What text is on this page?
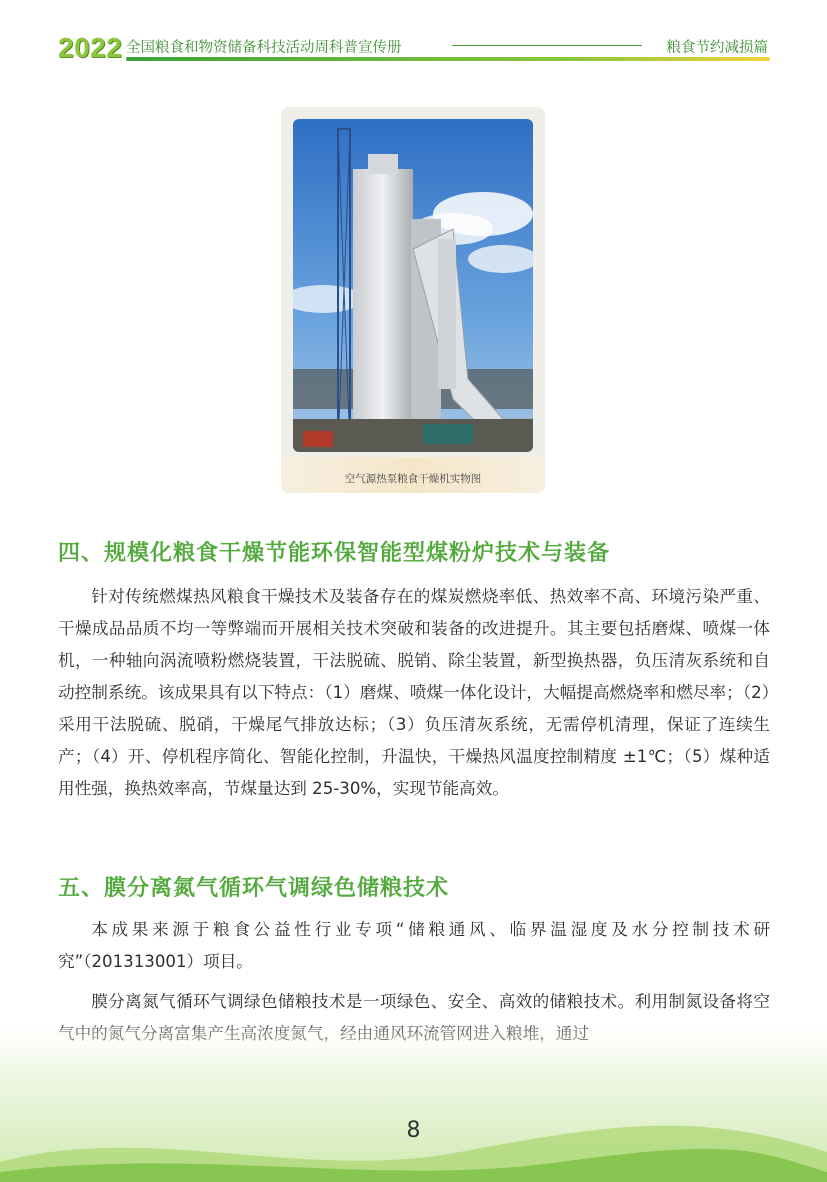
2022 全国粮食和物资储备科技活动周科普宣传册	粮食节约减损篇
空气源热泵粮食干燥机实物图
四、规模化粮食干燥节能环保智能型煤粉炉技术与装备
针对传统燃煤热风粮食干燥技术及装备存在的煤炭燃烧率低、热效率不高、环境污染严重、干燥成品品质不均一等弊端而开展相关技术突破和装备的改进提升。其主要包括磨煤、喷煤一体机，一种轴向涡流喷粉燃烧装置，干法脱硫、脱销、除尘装置，新型换热器，负压清灰系统和自动控制系统。该成果具有以下特点：（1）磨煤、喷煤一体化设计，大幅提高燃烧率和燃尽率；（2）采用干法脱硫、脱硝，干燥尾气排放达标；（3）负压清灰系统，无需停机清理，保证了连续生产；（4）开、停机程序简化、智能化控制，升温快，干燥热风温度控制精度 ±1℃；（5）煤种适用性强，换热效率高，节煤量达到 25-30%，实现节能高效。
五、膜分离氮气循环气调绿色储粮技术
本成果来源于粮食公益性行业专项“储粮通风、临界温湿度及水分控制技术研究”（201313001）项目。
膜分离氮气循环气调绿色储粮技术是一项绿色、安全、高效的储粮技术。利用制氮设备将空
8
